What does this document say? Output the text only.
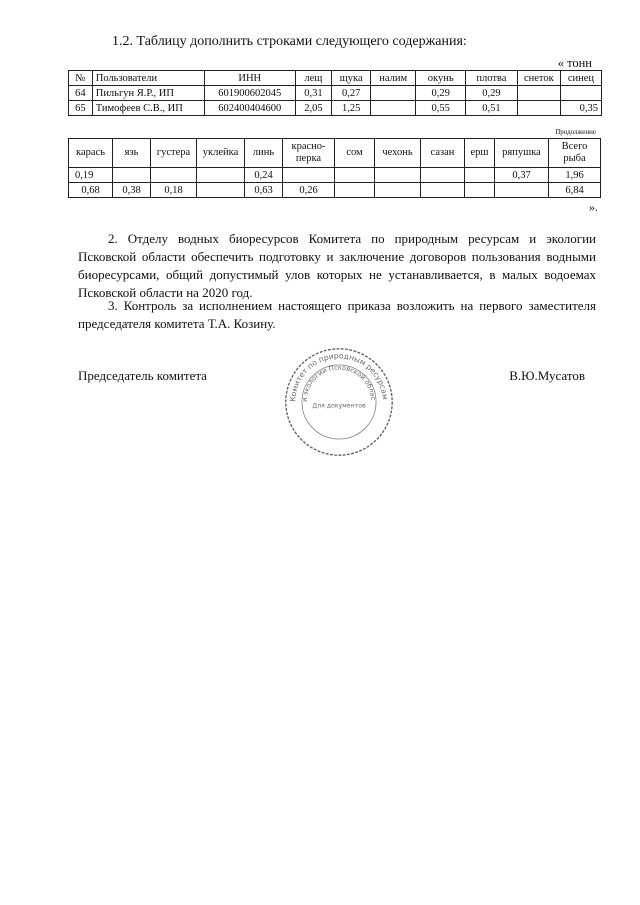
1.2. Таблицу дополнить строками следующего содержания:
« тонн
№	Пользователи	ИНН	лещ	щука	налим	окунь	плотва	снеток	синец
64	Пильгун Я.Р., ИП	601900602045	0,31	0,27		0,29	0,29		
65	Тимофеев С.В., ИП	602400404600	2,05	1,25		0,55	0,51		0,35
Продолжение
карась	язь	густера	уклейка	линь	красно-перка	сом	чехонь	сазан	ерш	ряпушка	Всего рыба
0,19				0,24						0,37	1,96
0,68	0,38	0,18		0,63	0,26						6,84
».

2. Отделу водных биоресурсов Комитета по природным ресурсам и экологии Псковской области обеспечить подготовку и заключение договоров пользования водными биоресурсами, общий допустимый улов которых не устанавливается, в малых водоемах Псковской области на 2020 год.

3. Контроль за исполнением настоящего приказа возложить на первого заместителя председателя комитета Т.А. Козину.

Председатель комитета	В.Ю.Мусатов
Комитет по природным ресурсам
и экологии Псковской облас
Для документов
